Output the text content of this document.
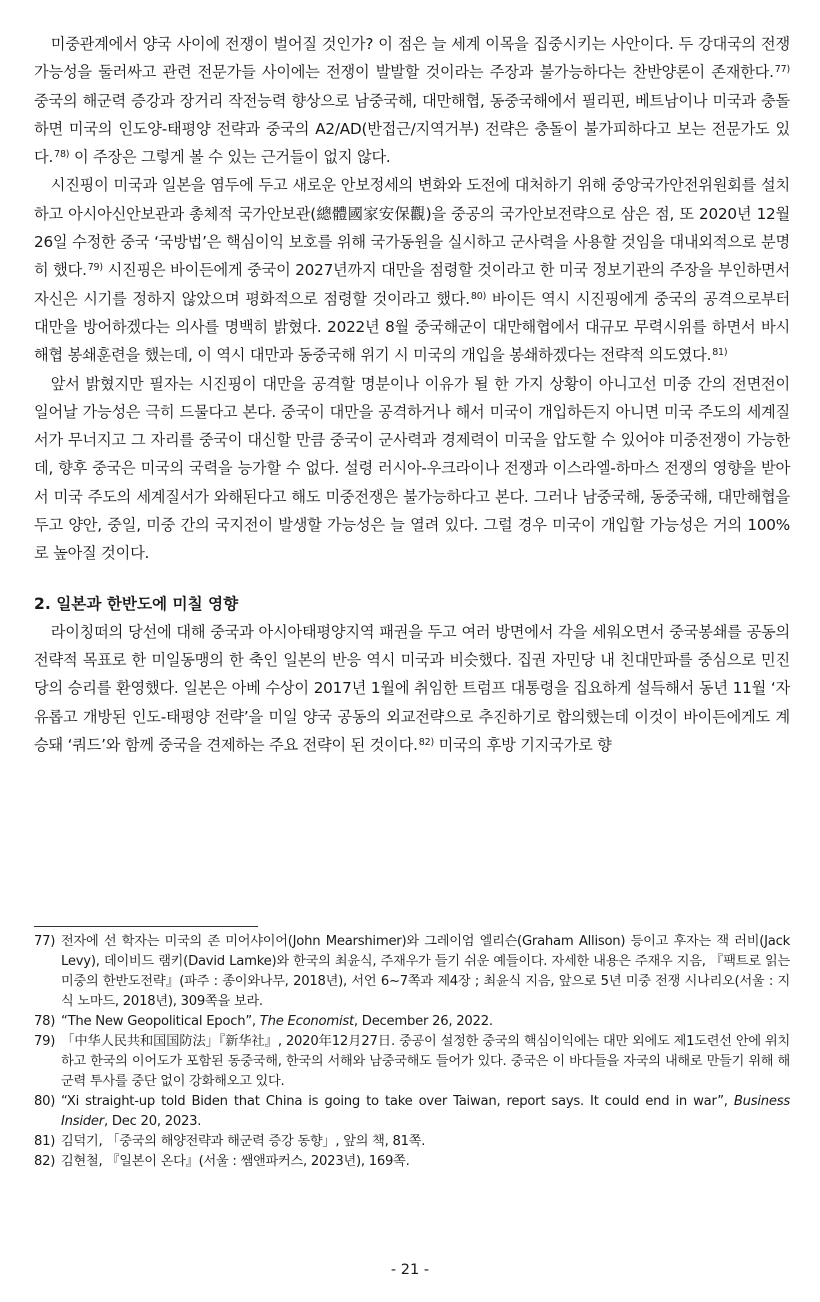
미중관계에서 양국 사이에 전쟁이 벌어질 것인가? 이 점은 늘 세계 이목을 집중시키는 사안이다. 두 강대국의 전쟁가능성을 둘러싸고 관련 전문가들 사이에는 전쟁이 발발할 것이라는 주장과 불가능하다는 찬반양론이 존재한다.$^{77)}$ 중국의 해군력 증강과 장거리 작전능력 향상으로 남중국해, 대만해협, 동중국해에서 필리핀, 베트남이나 미국과 충돌하면 미국의 인도양-태평양 전략과 중국의 A2/AD(반접근/지역거부) 전략은 충돌이 불가피하다고 보는 전문가도 있다.$^{78)}$ 이 주장은 그렇게 볼 수 있는 근거들이 없지 않다.

시진핑이 미국과 일본을 염두에 두고 새로운 안보정세의 변화와 도전에 대처하기 위해 중앙국가안전위원회를 설치하고 아시아신안보관과 총체적 국가안보관(總體國家安保觀)을 중공의 국가안보전략으로 삼은 점, 또 2020년 12월 26일 수정한 중국 ‘국방법’은 핵심이익 보호를 위해 국가동원을 실시하고 군사력을 사용할 것임을 대내외적으로 분명히 했다.$^{79)}$ 시진핑은 바이든에게 중국이 2027년까지 대만을 점령할 것이라고 한 미국 정보기관의 주장을 부인하면서 자신은 시기를 정하지 않았으며 평화적으로 점령할 것이라고 했다.$^{80)}$ 바이든 역시 시진핑에게 중국의 공격으로부터 대만을 방어하겠다는 의사를 명백히 밝혔다. 2022년 8월 중국해군이 대만해협에서 대규모 무력시위를 하면서 바시해협 봉쇄훈련을 했는데, 이 역시 대만과 동중국해 위기 시 미국의 개입을 봉쇄하겠다는 전략적 의도였다.$^{81)}$

앞서 밝혔지만 필자는 시진핑이 대만을 공격할 명분이나 이유가 될 한 가지 상황이 아니고선 미중 간의 전면전이 일어날 가능성은 극히 드물다고 본다. 중국이 대만을 공격하거나 해서 미국이 개입하든지 아니면 미국 주도의 세계질서가 무너지고 그 자리를 중국이 대신할 만큼 중국이 군사력과 경제력이 미국을 압도할 수 있어야 미중전쟁이 가능한데, 향후 중국은 미국의 국력을 능가할 수 없다. 설령 러시아-우크라이나 전쟁과 이스라엘-하마스 전쟁의 영향을 받아서 미국 주도의 세계질서가 와해된다고 해도 미중전쟁은 불가능하다고 본다. 그러나 남중국해, 동중국해, 대만해협을 두고 양안, 중일, 미중 간의 국지전이 발생할 가능성은 늘 열려 있다. 그럴 경우 미국이 개입할 가능성은 거의 100%로 높아질 것이다.

2. 일본과 한반도에 미칠 영향

라이칭떠의 당선에 대해 중국과 아시아태평양지역 패권을 두고 여러 방면에서 각을 세워오면서 중국봉쇄를 공동의 전략적 목표로 한 미일동맹의 한 축인 일본의 반응 역시 미국과 비슷했다. 집권 자민당 내 친대만파를 중심으로 민진당의 승리를 환영했다. 일본은 아베 수상이 2017년 1월에 취임한 트럼프 대통령을 집요하게 설득해서 동년 11월 ‘자유롭고 개방된 인도-태평양 전략’을 미일 양국 공동의 외교전략으로 추진하기로 합의했는데 이것이 바이든에게도 계승돼 ‘쿼드’와 함께 중국을 견제하는 주요 전략이 된 것이다.$^{82)}$ 미국의 후방 기지국가로 향

77) 전자에 선 학자는 미국의 존 미어샤이어(John Mearshimer)와 그레이엄 엘리슨(Graham Allison) 등이고 후자는 잭 러비(Jack Levy), 데이비드 램키(David Lamke)와 한국의 최윤식, 주재우가 들기 쉬운 예들이다. 자세한 내용은 주재우 지음, 『팩트로 읽는 미중의 한반도전략』(파주 : 종이와나무, 2018년), 서언 6~7쪽과 제4장 ; 최윤식 지음, 앞으로 5년 미중 전쟁 시나리오(서울 : 지식 노마드, 2018년), 309쪽을 보라.

78) “The New Geopolitical Epoch”, The Economist, December 26, 2022.

79) 「中华人民共和国国防法」『新华社』, 2020年12月27日. 중공이 설정한 중국의 핵심이익에는 대만 외에도 제1도련선 안에 위치하고 한국의 이어도가 포함된 동중국해, 한국의 서해와 남중국해도 들어가 있다. 중국은 이 바다들을 자국의 내해로 만들기 위해 해군력 투사를 중단 없이 강화해오고 있다.

80) “Xi straight-up told Biden that China is going to take over Taiwan, report says. It could end in war”, Business Insider, Dec 20, 2023.

81) 김덕기, 「중국의 해양전략과 해군력 증강 동향」, 앞의 책, 81쪽.

82) 김현철, 『일본이 온다』(서울 : 쌤앤파커스, 2023년), 169쪽.

- 21 -
